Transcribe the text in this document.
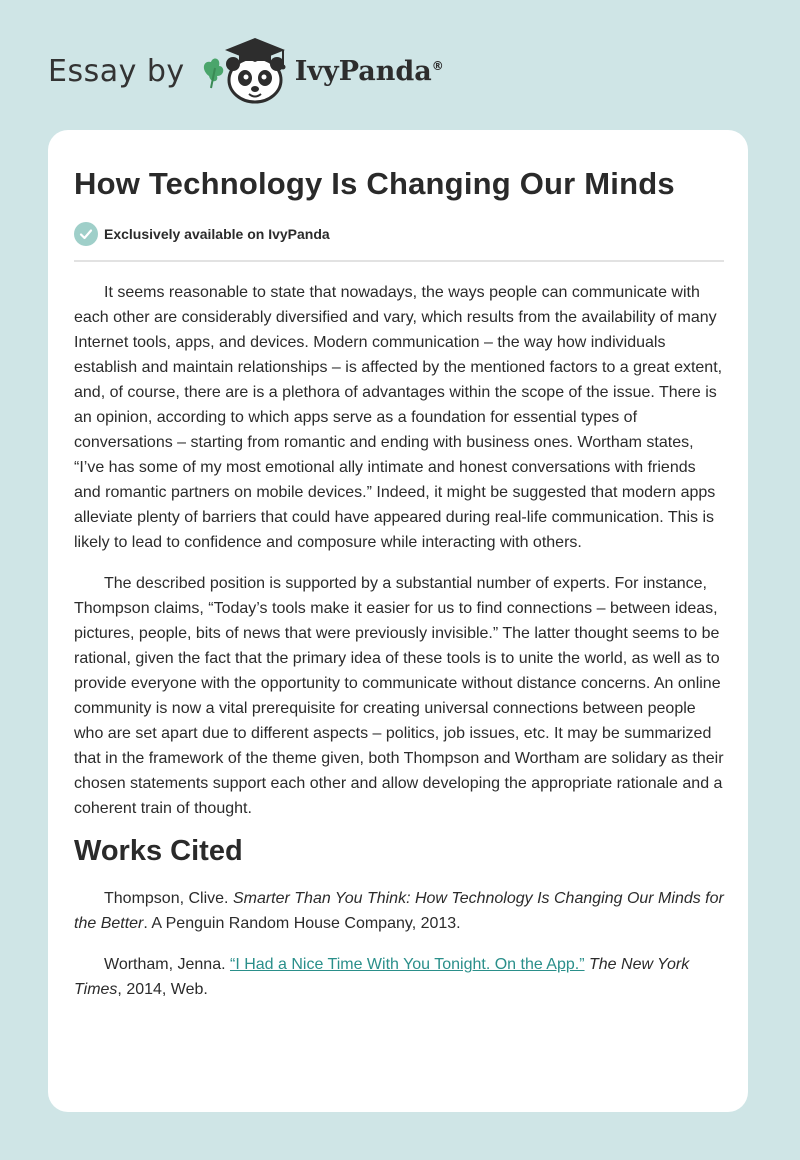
Essay by	IvyPanda®
How Technology Is Changing Our Minds
Exclusively available on IvyPanda

It seems reasonable to state that nowadays, the ways people can communicate with each other are considerably diversified and vary, which results from the availability of many Internet tools, apps, and devices. Modern communication – the way how individuals establish and maintain relationships – is affected by the mentioned factors to a great extent, and, of course, there are is a plethora of advantages within the scope of the issue. There is an opinion, according to which apps serve as a foundation for essential types of conversations – starting from romantic and ending with business ones. Wortham states, “I’ve has some of my most emotional ally intimate and honest conversations with friends and romantic partners on mobile devices.” Indeed, it might be suggested that modern apps alleviate plenty of barriers that could have appeared during real-life communication. This is likely to lead to confidence and composure while interacting with others.

The described position is supported by a substantial number of experts. For instance, Thompson claims, “Today’s tools make it easier for us to find connections – between ideas, pictures, people, bits of news that were previously invisible.” The latter thought seems to be rational, given the fact that the primary idea of these tools is to unite the world, as well as to provide everyone with the opportunity to communicate without distance concerns. An online community is now a vital prerequisite for creating universal connections between people who are set apart due to different aspects – politics, job issues, etc. It may be summarized that in the framework of the theme given, both Thompson and Wortham are solidary as their chosen statements support each other and allow developing the appropriate rationale and a coherent train of thought.

Works Cited

Thompson, Clive. Smarter Than You Think: How Technology Is Changing Our Minds for the Better. A Penguin Random House Company, 2013.

Wortham, Jenna. “I Had a Nice Time With You Tonight. On the App.” The New York Times, 2014, Web.
